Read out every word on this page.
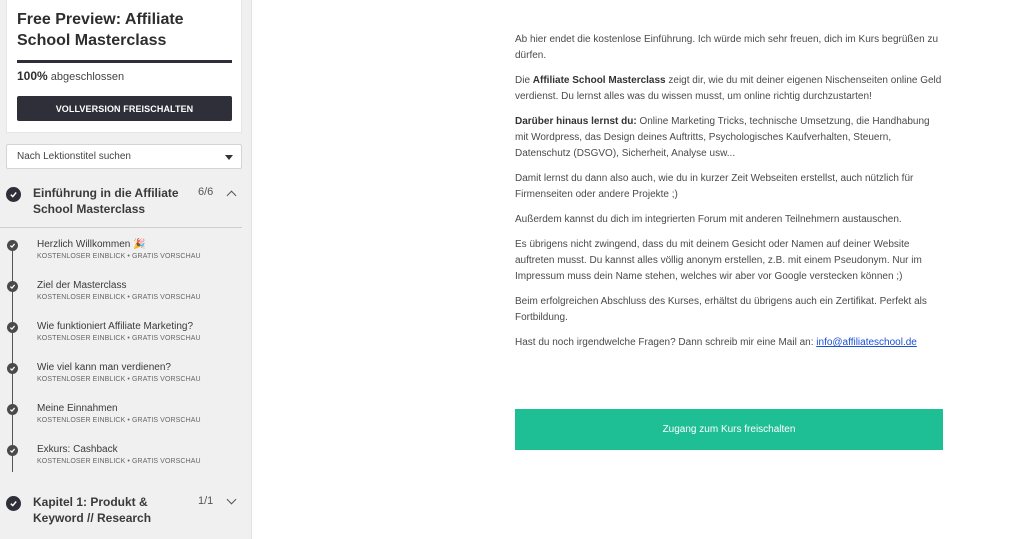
Free Preview: Affiliate School Masterclass
100% abgeschlossen
VOLLVERSION FREISCHALTEN
Nach Lektionstitel suchen
Einführung in die Affiliate School Masterclass
6/6
Herzlich Willkommen 🎉
KOSTENLOSER EINBLICK • GRATIS VORSCHAU
Ziel der Masterclass
KOSTENLOSER EINBLICK • GRATIS VORSCHAU
Wie funktioniert Affiliate Marketing?
KOSTENLOSER EINBLICK • GRATIS VORSCHAU
Wie viel kann man verdienen?
KOSTENLOSER EINBLICK • GRATIS VORSCHAU
Meine Einnahmen
KOSTENLOSER EINBLICK • GRATIS VORSCHAU
Exkurs: Cashback
KOSTENLOSER EINBLICK • GRATIS VORSCHAU
Kapitel 1: Produkt & Keyword // Research
1/1

Ab hier endet die kostenlose Einführung. Ich würde mich sehr freuen, dich im Kurs begrüßen zu dürfen.

Die Affiliate School Masterclass zeigt dir, wie du mit deiner eigenen Nischenseiten online Geld verdienst. Du lernst alles was du wissen musst, um online richtig durchzustarten!

Darüber hinaus lernst du: Online Marketing Tricks, technische Umsetzung, die Handhabung mit Wordpress, das Design deines Auftritts, Psychologisches Kaufverhalten, Steuern, Datenschutz (DSGVO), Sicherheit, Analyse usw...

Damit lernst du dann also auch, wie du in kurzer Zeit Webseiten erstellst, auch nützlich für Firmenseiten oder andere Projekte ;)

Außerdem kannst du dich im integrierten Forum mit anderen Teilnehmern austauschen.

Es übrigens nicht zwingend, dass du mit deinem Gesicht oder Namen auf deiner Website auftreten musst. Du kannst alles völlig anonym erstellen, z.B. mit einem Pseudonym. Nur im Impressum muss dein Name stehen, welches wir aber vor Google verstecken können ;)

Beim erfolgreichen Abschluss des Kurses, erhältst du übrigens auch ein Zertifikat. Perfekt als Fortbildung.

Hast du noch irgendwelche Fragen? Dann schreib mir eine Mail an: info@affiliateschool.de

Zugang zum Kurs freischalten
